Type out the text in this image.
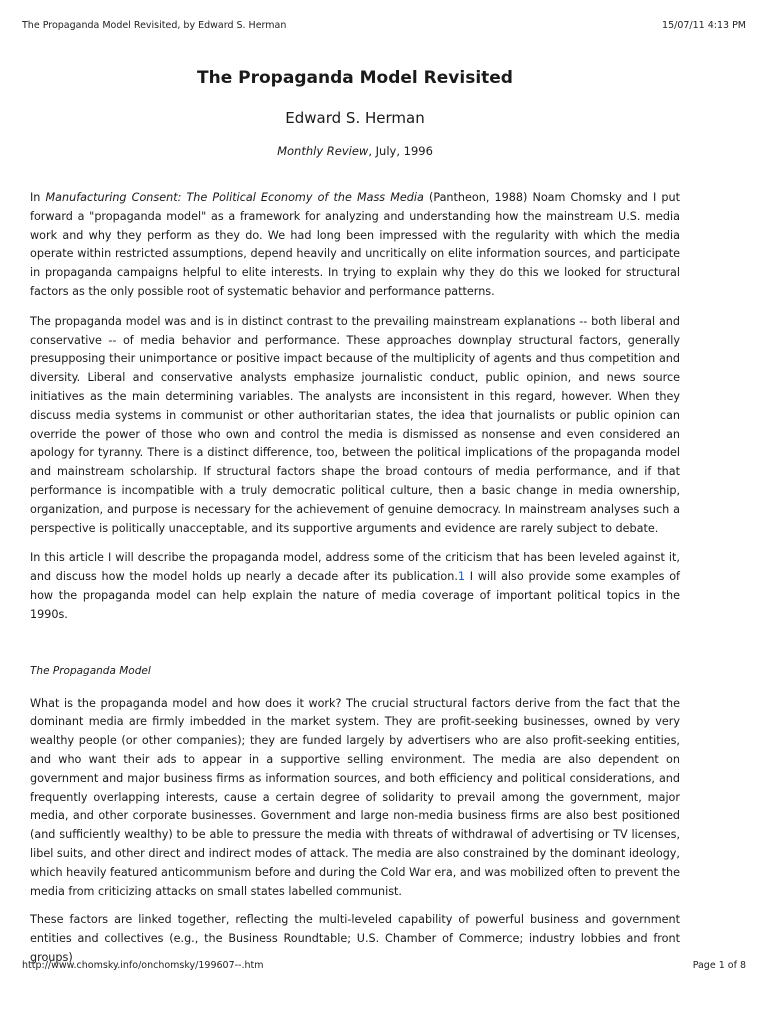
The Propaganda Model Revisited, by Edward S. Herman	15/07/11 4:13 PM
The Propaganda Model Revisited
Edward S. Herman
Monthly Review, July, 1996

In Manufacturing Consent: The Political Economy of the Mass Media (Pantheon, 1988) Noam Chomsky and I put forward a "propaganda model" as a framework for analyzing and understanding how the mainstream U.S. media work and why they perform as they do. We had long been impressed with the regularity with which the media operate within restricted assumptions, depend heavily and uncritically on elite information sources, and participate in propaganda campaigns helpful to elite interests. In trying to explain why they do this we looked for structural factors as the only possible root of systematic behavior and performance patterns.

The propaganda model was and is in distinct contrast to the prevailing mainstream explanations -- both liberal and conservative -- of media behavior and performance. These approaches downplay structural factors, generally presupposing their unimportance or positive impact because of the multiplicity of agents and thus competition and diversity. Liberal and conservative analysts emphasize journalistic conduct, public opinion, and news source initiatives as the main determining variables. The analysts are inconsistent in this regard, however. When they discuss media systems in communist or other authoritarian states, the idea that journalists or public opinion can override the power of those who own and control the media is dismissed as nonsense and even considered an apology for tyranny. There is a distinct difference, too, between the political implications of the propaganda model and mainstream scholarship. If structural factors shape the broad contours of media performance, and if that performance is incompatible with a truly democratic political culture, then a basic change in media ownership, organization, and purpose is necessary for the achievement of genuine democracy. In mainstream analyses such a perspective is politically unacceptable, and its supportive arguments and evidence are rarely subject to debate.

In this article I will describe the propaganda model, address some of the criticism that has been leveled against it, and discuss how the model holds up nearly a decade after its publication.1 I will also provide some examples of how the propaganda model can help explain the nature of media coverage of important political topics in the 1990s.

The Propaganda Model

What is the propaganda model and how does it work? The crucial structural factors derive from the fact that the dominant media are firmly imbedded in the market system. They are profit-seeking businesses, owned by very wealthy people (or other companies); they are funded largely by advertisers who are also profit-seeking entities, and who want their ads to appear in a supportive selling environment. The media are also dependent on government and major business firms as information sources, and both efficiency and political considerations, and frequently overlapping interests, cause a certain degree of solidarity to prevail among the government, major media, and other corporate businesses. Government and large non-media business firms are also best positioned (and sufficiently wealthy) to be able to pressure the media with threats of withdrawal of advertising or TV licenses, libel suits, and other direct and indirect modes of attack. The media are also constrained by the dominant ideology, which heavily featured anticommunism before and during the Cold War era, and was mobilized often to prevent the media from criticizing attacks on small states labelled communist.

These factors are linked together, reflecting the multi-leveled capability of powerful business and government entities and collectives (e.g., the Business Roundtable; U.S. Chamber of Commerce; industry lobbies and front groups)

http://www.chomsky.info/onchomsky/199607--.htm	Page 1 of 8
